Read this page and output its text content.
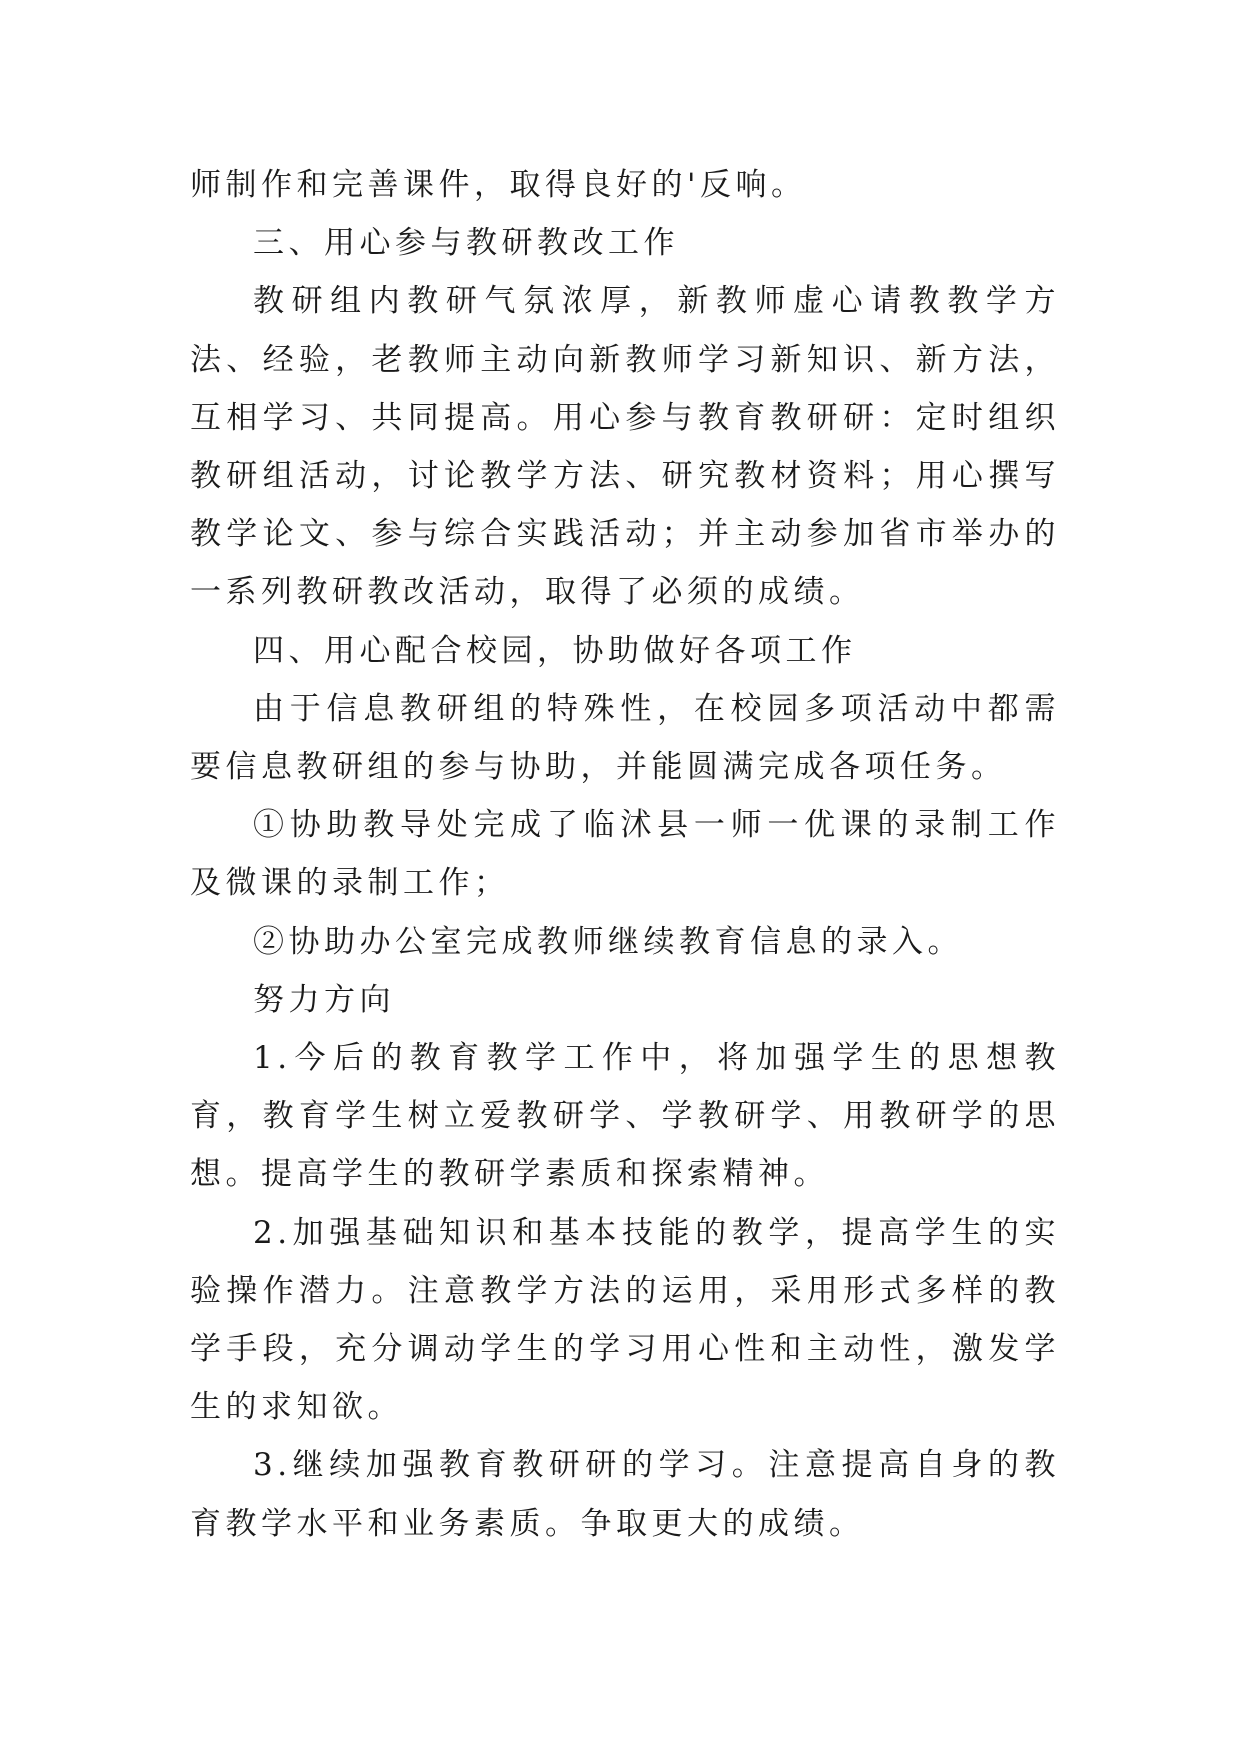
师制作和完善课件，取得良好的'反响。

三、用心参与教研教改工作

教研组内教研气氛浓厚，新教师虚心请教教学方法、经验，老教师主动向新教师学习新知识、新方法，互相学习、共同提高。用心参与教育教研研：定时组织教研组活动，讨论教学方法、研究教材资料；用心撰写教学论文、参与综合实践活动；并主动参加省市举办的一系列教研教改活动，取得了必须的成绩。

四、用心配合校园，协助做好各项工作

由于信息教研组的特殊性，在校园多项活动中都需要信息教研组的参与协助，并能圆满完成各项任务。

①协助教导处完成了临沭县一师一优课的录制工作及微课的录制工作；

②协助办公室完成教师继续教育信息的录入。

努力方向

1.今后的教育教学工作中，将加强学生的思想教育，教育学生树立爱教研学、学教研学、用教研学的思想。提高学生的教研学素质和探索精神。

2.加强基础知识和基本技能的教学，提高学生的实验操作潜力。注意教学方法的运用，采用形式多样的教学手段，充分调动学生的学习用心性和主动性，激发学生的求知欲。

3.继续加强教育教研研的学习。注意提高自身的教育教学水平和业务素质。争取更大的成绩。
